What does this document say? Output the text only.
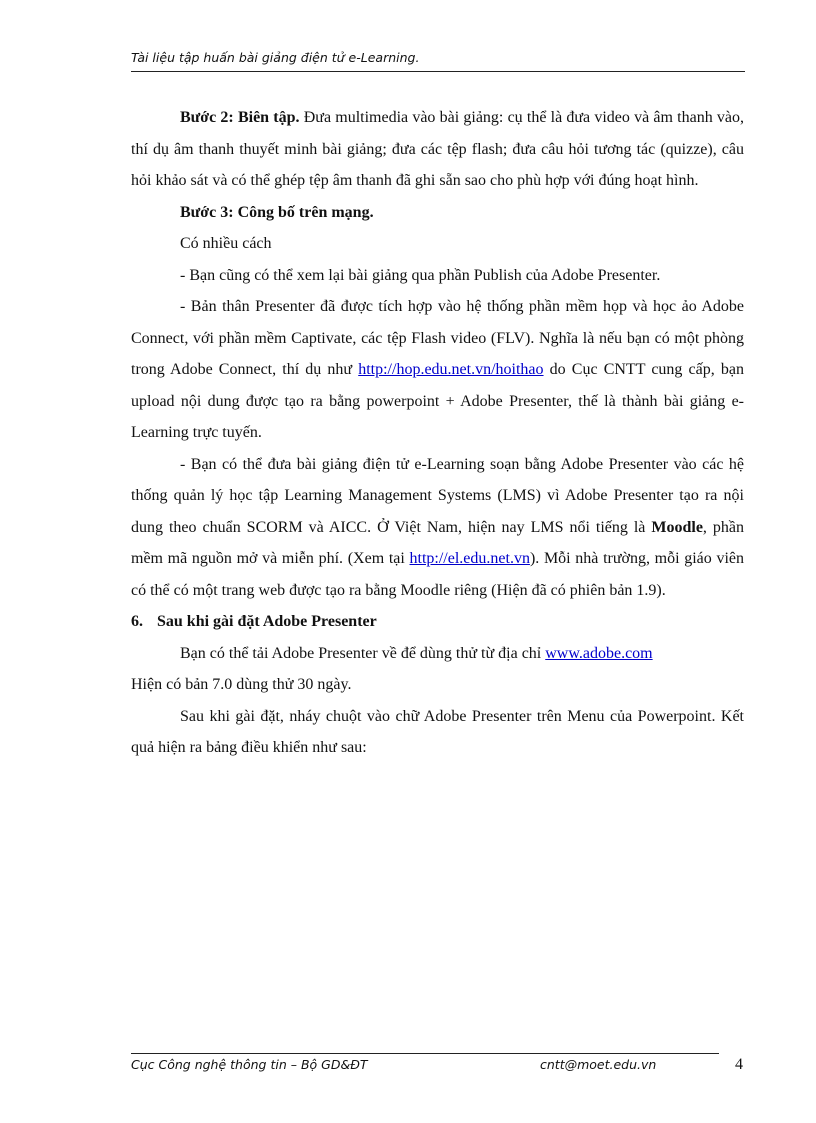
Tài liệu tập huấn bài giảng điện tử e-Learning.

Bước 2: Biên tập. Đưa multimedia vào bài giảng: cụ thể là đưa video và âm thanh vào, thí dụ âm thanh thuyết minh bài giảng; đưa các tệp flash; đưa câu hỏi tương tác (quizze), câu hỏi khảo sát và có thể ghép tệp âm thanh đã ghi sẵn sao cho phù hợp với đúng hoạt hình.

Bước 3: Công bố trên mạng.

Có nhiều cách

- Bạn cũng có thể xem lại bài giảng qua phần Publish của Adobe Presenter.

- Bản thân Presenter đã được tích hợp vào hệ thống phần mềm họp và học ảo Adobe Connect, với phần mềm Captivate, các tệp Flash video (FLV). Nghĩa là nếu bạn có một phòng trong Adobe Connect, thí dụ như http://hop.edu.net.vn/hoithao do Cục CNTT cung cấp, bạn upload nội dung được tạo ra bằng powerpoint + Adobe Presenter, thế là thành bài giảng e-Learning trực tuyến.

- Bạn có thể đưa bài giảng điện tử e-Learning soạn bằng Adobe Presenter vào các hệ thống quản lý học tập Learning Management Systems (LMS) vì Adobe Presenter tạo ra nội dung theo chuẩn SCORM và AICC. Ở Việt Nam, hiện nay LMS nổi tiếng là Moodle, phần mềm mã nguồn mở và miễn phí. (Xem tại http://el.edu.net.vn). Mỗi nhà trường, mỗi giáo viên có thể có một trang web được tạo ra bằng Moodle riêng (Hiện đã có phiên bản 1.9).

6. Sau khi gài đặt Adobe Presenter

Bạn có thể tải Adobe Presenter về để dùng thử từ địa chỉ www.adobe.com

Hiện có bản 7.0 dùng thử 30 ngày.

Sau khi gài đặt, nháy chuột vào chữ Adobe Presenter trên Menu của Powerpoint. Kết quả hiện ra bảng điều khiển như sau:

Cục Công nghệ thông tin – Bộ GD&ĐT	cntt@moet.edu.vn	4
